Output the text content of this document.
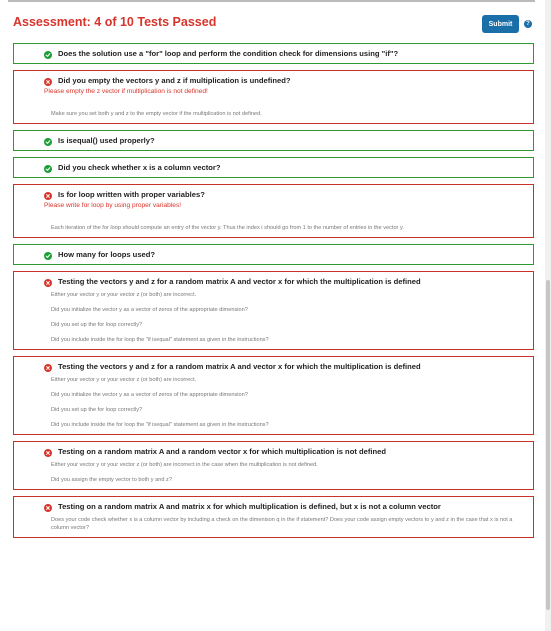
Assessment: 4 of 10 Tests Passed	Submit	?
Does the solution use a "for" loop and perform the condition check for dimensions using "if"?
Did you empty the vectors y and z if multiplication is undefined?
Please empty the z vector if multiplication is not defined!
Make sure you set both y and z to the empty vector if the multiplication is not defined.
Is isequal() used properly?
Did you check whether x is a column vector?
Is for loop written with proper variables?
Please write for loop by using proper variables!
Each iteration of the for loop should compute an entry of the vector y. Thus the index i should go from 1 to the number of entries in the vector y.
How many for loops used?
Testing the vectors y and z for a random matrix A and vector x for which the multiplication is defined
Either your vector y or your vector z (or both) are incorrect.
Did you initialize the vector y as a vector of zeros of the appropriate dimension?
Did you set up the for loop correctly?
Did you include inside the for loop the "if isequal" statement as given in the instructions?
Testing the vectors y and z for a random matrix A and vector x for which the multiplication is defined
Either your vector y or your vector z (or both) are incorrect.
Did you initialize the vector y as a vector of zeros of the appropriate dimension?
Did you set up the for loop correctly?
Did you include inside the for loop the "if isequal" statement as given in the instructions?
Testing on a random matrix A and a random vector x for which multiplication is not defined
Either your vector y or your vector z (or both) are incorrect in the case when the multiplication is not defined.
Did you assign the empty vector to both y and z?
Testing on a random matrix A and matrix x for which multiplication is defined, but x is not a column vector
Does your code check whether x is a column vector by including a check on the dimenison q in the if statement? Does your code assign empty vectors to y and z in the case that x is not a column vector?
